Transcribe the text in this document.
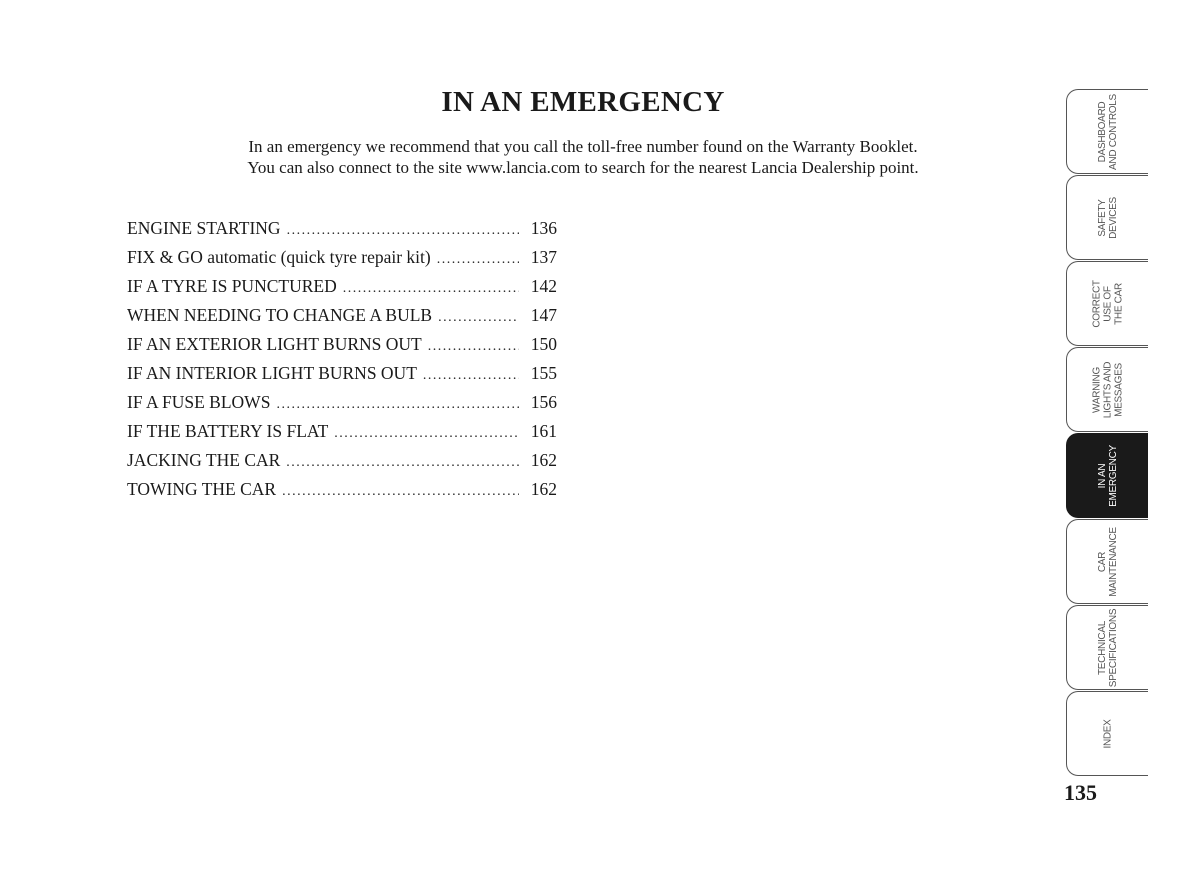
IN AN EMERGENCY
In an emergency we recommend that you call the toll-free number found on the Warranty Booklet.
You can also connect to the site www.lancia.com to search for the nearest Lancia Dealership point.
ENGINE STARTING .....	136
FIX & GO automatic (quick tyre repair kit) .....	137
IF A TYRE IS PUNCTURED .....	142
WHEN NEEDING TO CHANGE A BULB .....	147
IF AN EXTERIOR LIGHT BURNS OUT .....	150
IF AN INTERIOR LIGHT BURNS OUT .....	155
IF A FUSE BLOWS .....	156
IF THE BATTERY IS FLAT .....	161
JACKING THE CAR .....	162
TOWING THE CAR .....	162
DASHBOARD
AND CONTROLS
SAFETY
DEVICES
CORRECT
USE OF
THE CAR
WARNING
LIGHTS AND
MESSAGES
IN AN
EMERGENCY
CAR
MAINTENANCE
TECHNICAL
SPECIFICATIONS
INDEX
135
